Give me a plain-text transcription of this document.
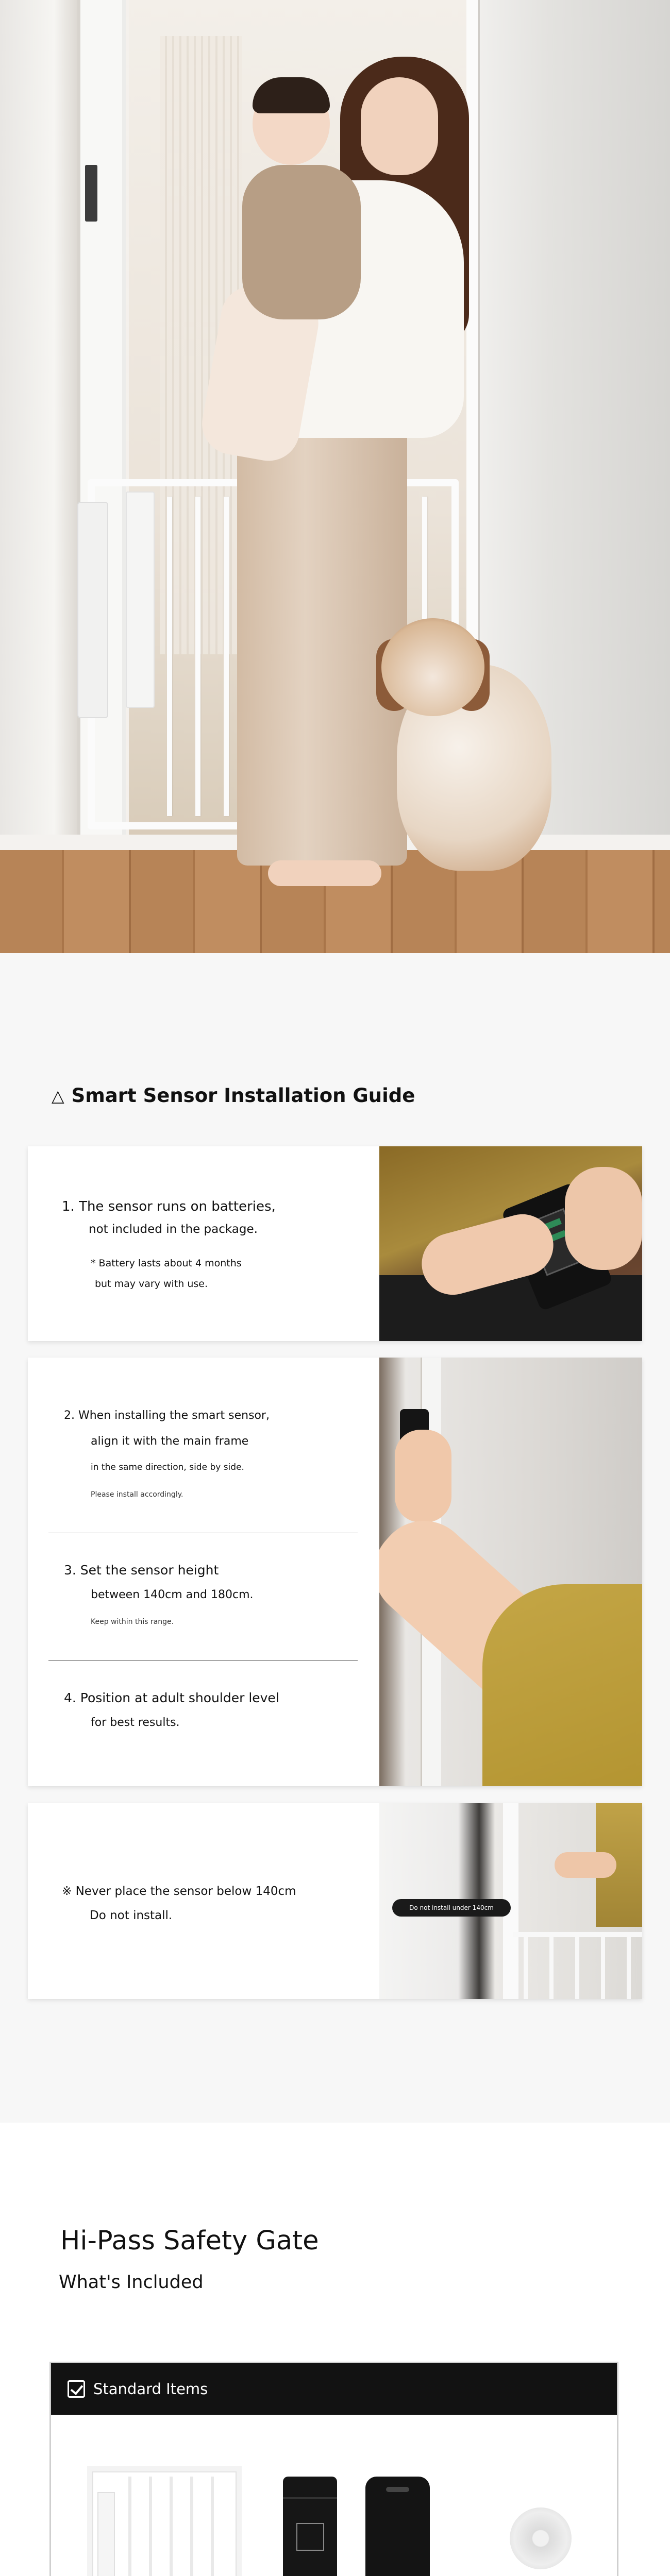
△ Smart Sensor Installation Guide
1. The sensor runs on batteries,
not included in the package.
* Battery lasts about 4 months
but may vary with use.
2. When installing the smart sensor,
align it with the main frame
in the same direction, side by side.
Please install accordingly.
3. Set the sensor height
between 140cm and 180cm.
Keep within this range.
4. Position at adult shoulder level
for best results.
※ Never place the sensor below 140cm
Do not install.
Do not install under 140cm
Hi-Pass Safety Gate
What's Included
Standard Items
